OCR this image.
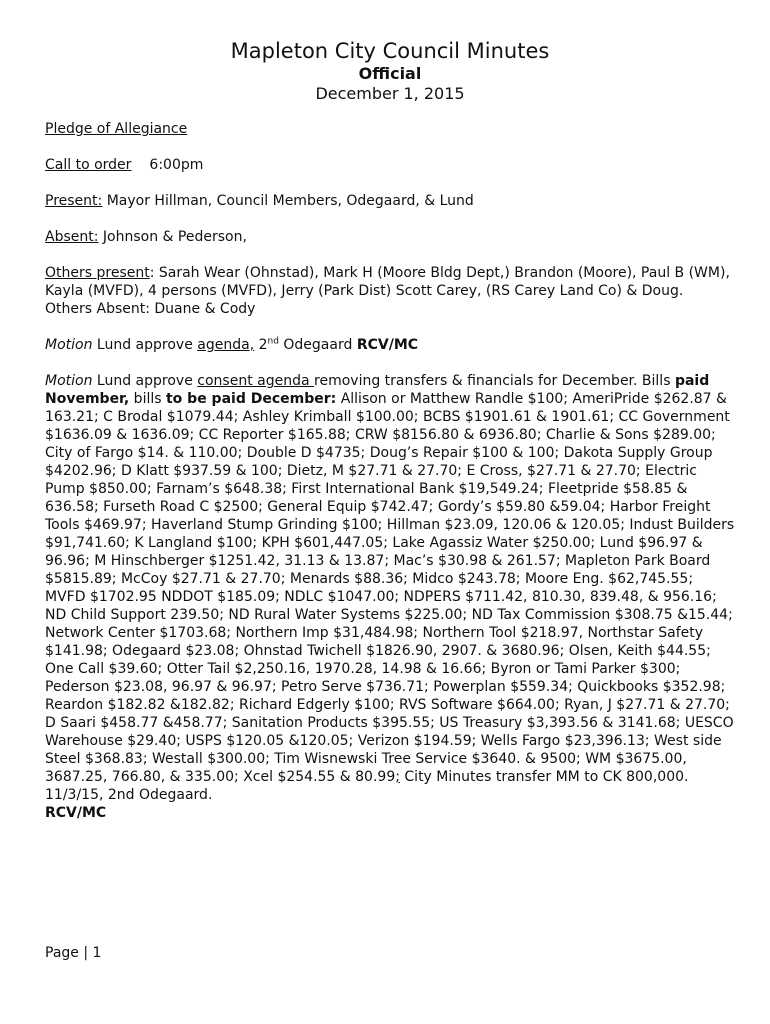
Mapleton City Council Minutes
Official
December 1, 2015

Pledge of Allegiance

Call to order 6:00pm

Present: Mayor Hillman, Council Members, Odegaard, & Lund

Absent: Johnson & Pederson,

Others present: Sarah Wear (Ohnstad), Mark H (Moore Bldg Dept,) Brandon (Moore), Paul B (WM), Kayla (MVFD), 4 persons (MVFD), Jerry (Park Dist) Scott Carey, (RS Carey Land Co) & Doug.
Others Absent: Duane & Cody

Motion Lund approve agenda, 2nd Odegaard RCV/MC

Motion Lund approve consent agenda removing transfers & financials for December. Bills paid November, bills to be paid December: Allison or Matthew Randle $100; AmeriPride $262.87 & 163.21; C Brodal $1079.44; Ashley Krimball $100.00; BCBS $1901.61 & 1901.61; CC Government $1636.09 & 1636.09; CC Reporter $165.88; CRW $8156.80 & 6936.80; Charlie & Sons $289.00; City of Fargo $14. & 110.00; Double D $4735; Doug’s Repair $100 & 100; Dakota Supply Group $4202.96; D Klatt $937.59 & 100; Dietz, M $27.71 & 27.70; E Cross, $27.71 & 27.70; Electric Pump $850.00; Farnam’s $648.38; First International Bank $19,549.24; Fleetpride $58.85 & 636.58; Furseth Road C $2500; General Equip $742.47; Gordy’s $59.80 &59.04; Harbor Freight Tools $469.97; Haverland Stump Grinding $100; Hillman $23.09, 120.06 & 120.05; Indust Builders $91,741.60; K Langland $100; KPH $601,447.05; Lake Agassiz Water $250.00; Lund $96.97 & 96.96; M Hinschberger $1251.42, 31.13 & 13.87; Mac’s $30.98 & 261.57; Mapleton Park Board $5815.89; McCoy $27.71 & 27.70; Menards $88.36; Midco $243.78; Moore Eng. $62,745.55; MVFD $1702.95 NDDOT $185.09; NDLC $1047.00; NDPERS $711.42, 810.30, 839.48, & 956.16; ND Child Support 239.50; ND Rural Water Systems $225.00; ND Tax Commission $308.75 &15.44; Network Center $1703.68; Northern Imp $31,484.98; Northern Tool $218.97, Northstar Safety $141.98; Odegaard $23.08; Ohnstad Twichell $1826.90, 2907. & 3680.96; Olsen, Keith $44.55; One Call $39.60; Otter Tail $2,250.16, 1970.28, 14.98 & 16.66; Byron or Tami Parker $300; Pederson $23.08, 96.97 & 96.97; Petro Serve $736.71; Powerplan $559.34; Quickbooks $352.98; Reardon $182.82 &182.82; Richard Edgerly $100; RVS Software $664.00; Ryan, J $27.71 & 27.70; D Saari $458.77 &458.77; Sanitation Products $395.55; US Treasury $3,393.56 & 3141.68; UESCO Warehouse $29.40; USPS $120.05 &120.05; Verizon $194.59; Wells Fargo $23,396.13; West side Steel $368.83; Westall $300.00; Tim Wisnewski Tree Service $3640. & 9500; WM $3675.00, 3687.25, 766.80, & 335.00; Xcel $254.55 & 80.99; City Minutes transfer MM to CK 800,000. 11/3/15, 2nd Odegaard.
RCV/MC

Page | 1
